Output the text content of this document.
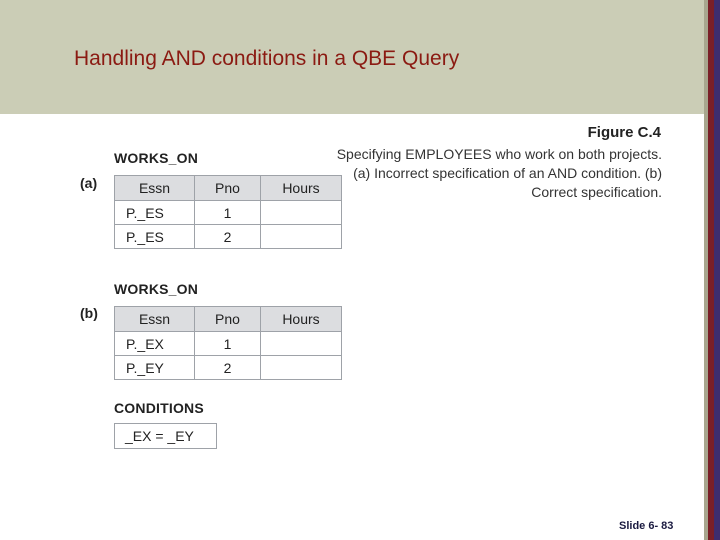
Handling AND conditions in a QBE Query
WORKS_ON
(a)	Essn	Pno	Hours
P._ES	1	
P._ES	2	
WORKS_ON
(b)	Essn	Pno	Hours
P._EX	1	
P._EY	2	
CONDITIONS
_EX = _EY
Figure C.4
Specifying EMPLOYEES who work on both projects. (a) Incorrect specification of an AND condition. (b) Correct specification.
Slide 6- 83
